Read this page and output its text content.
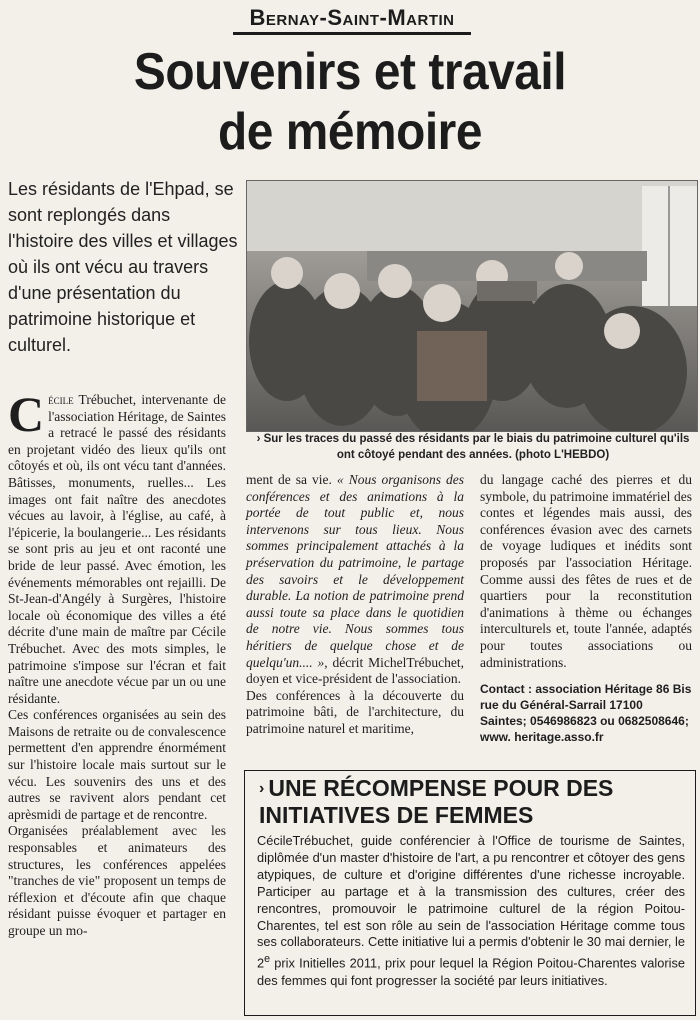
Bernay-Saint-Martin
Souvenirs et travail
de mémoire
Les résidants de l'Ehpad, se sont replongés dans l'histoire des villes et villages où ils ont vécu au travers d'une présentation du patrimoine historique et culturel.
› Sur les traces du passé des résidants par le biais du patrimoine culturel qu'ils ont côtoyé pendant des années. (photo L'HEBDO)

Cécile Trébuchet, intervenante de l'association Héritage, de Saintes a retracé le passé des résidants en projetant vidéo des lieux qu'ils ont côtoyés et où, ils ont vécu tant d'années. Bâtisses, monuments, ruelles... Les images ont fait naître des anecdotes vécues au lavoir, à l'église, au café, à l'épicerie, la boulangerie... Les résidants se sont pris au jeu et ont raconté une bride de leur passé. Avec émotion, les événements mémorables ont rejailli. De St-Jean-d'Angély à Surgères, l'histoire locale où économique des villes a été décrite d'une main de maître par Cécile Trébuchet. Avec des mots simples, le patrimoine s'impose sur l'écran et fait naître une anecdote vécue par un ou une résidante.

Ces conférences organisées au sein des Maisons de retraite ou de convalescence permettent d'en apprendre énormément sur l'histoire locale mais surtout sur le vécu. Les souvenirs des uns et des autres se ravivent alors pendant cet aprèsmidi de partage et de rencontre.

Organisées préalablement avec les responsables et animateurs des structures, les conférences appelées "tranches de vie" proposent un temps de réflexion et d'écoute afin que chaque résidant puisse évoquer et partager en groupe un mo-

ment de sa vie. « Nous organisons des conférences et des animations à la portée de tout public et, nous intervenons sur tous lieux. Nous sommes principalement attachés à la préservation du patrimoine, le partage des savoirs et le développement durable. La notion de patrimoine prend aussi toute sa place dans le quotidien de notre vie. Nous sommes tous héritiers de quelque chose et de quelqu'un.... », décrit MichelTrébuchet, doyen et vice-président de l'association.

Des conférences à la découverte du patrimoine bâti, de l'architecture, du patrimoine naturel et maritime,

du langage caché des pierres et du symbole, du patrimoine immatériel des contes et légendes mais aussi, des conférences évasion avec des carnets de voyage ludiques et inédits sont proposés par l'association Héritage. Comme aussi des fêtes de rues et de quartiers pour la reconstitution d'animations à thème ou échanges interculturels et, toute l'année, adaptés pour toutes associations ou administrations.

Contact : association Héritage 86 Bis rue du Général-Sarrail 17100 Saintes; 0546986823 ou 0682508646; www. heritage.asso.fr

› UNE RÉCOMPENSE POUR DES INITIATIVES DE FEMMES

CécileTrébuchet, guide conférencier à l'Office de tourisme de Saintes, diplômée d'un master d'histoire de l'art, a pu rencontrer et côtoyer des gens atypiques, de culture et d'origine différentes d'une richesse incroyable. Participer au partage et à la transmission des cultures, créer des rencontres, promouvoir le patrimoine culturel de la région Poitou-Charentes, tel est son rôle au sein de l'association Héritage comme tous ses collaborateurs. Cette initiative lui a permis d'obtenir le 30 mai dernier, le 2e prix Initielles 2011, prix pour lequel la Région Poitou-Charentes valorise des femmes qui font progresser la société par leurs initiatives.
